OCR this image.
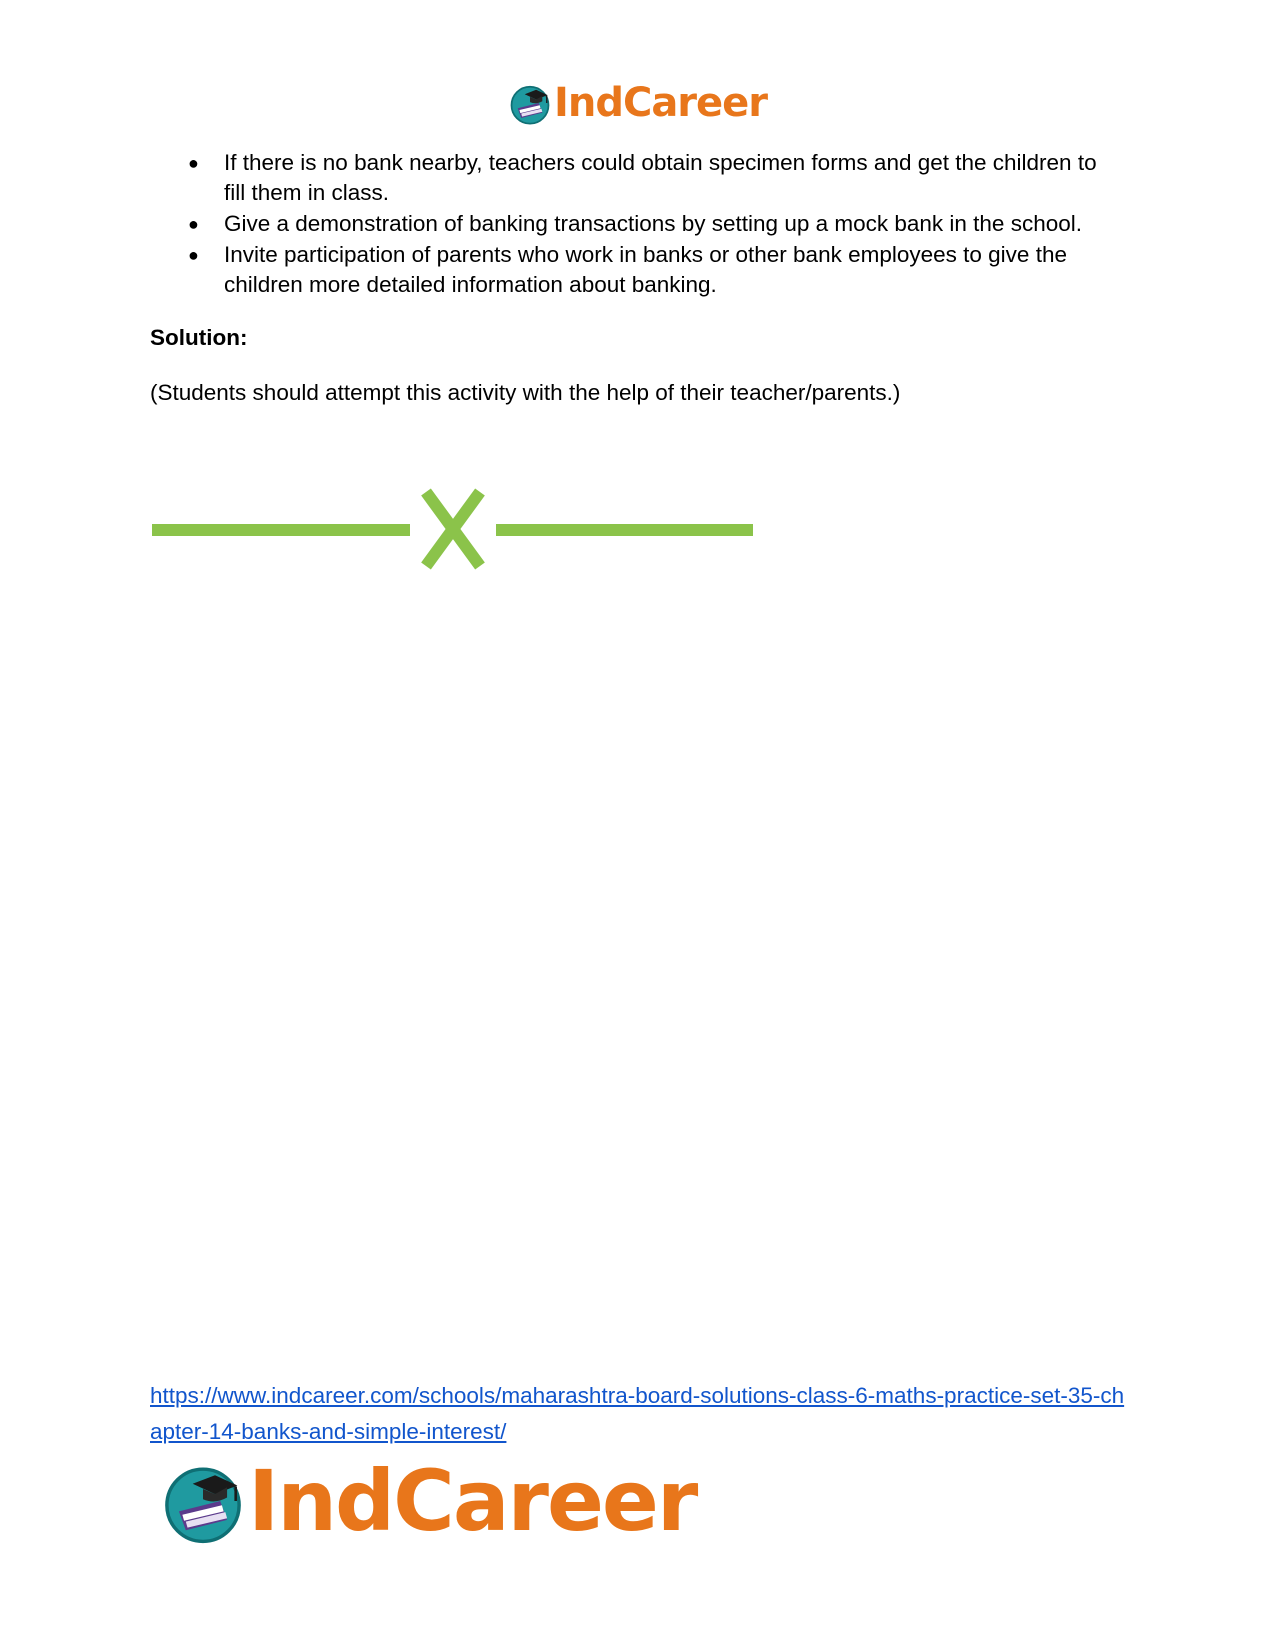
IndCareer
● If there is no bank nearby, teachers could obtain specimen forms and get the children to fill them in class.
● Give a demonstration of banking transactions by setting up a mock bank in the school.
● Invite participation of parents who work in banks or other bank employees to give the children more detailed information about banking.

Solution:

(Students should attempt this activity with the help of their teacher/parents.)

https://www.indcareer.com/schools/maharashtra-board-solutions-class-6-maths-practice-set-35-chapter-14-banks-and-simple-interest/
IndCareer
